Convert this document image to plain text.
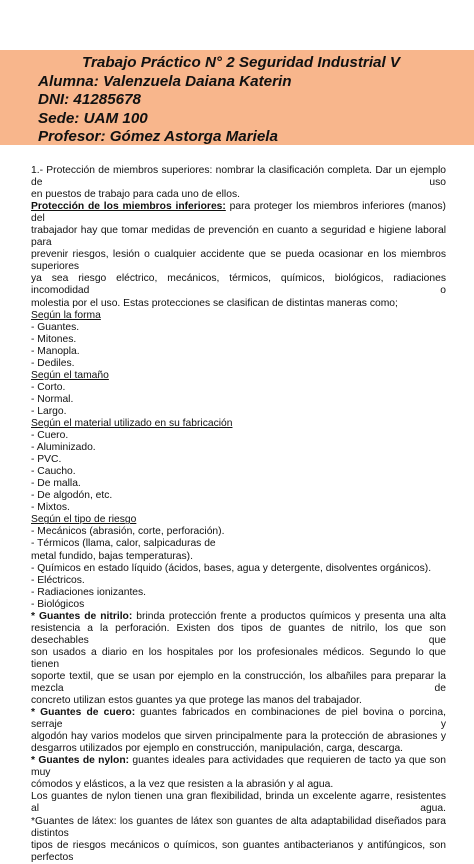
Trabajo Práctico N° 2 Seguridad Industrial V
Alumna: Valenzuela Daiana Katerin
DNI: 41285678
Sede: UAM 100
Profesor: Gómez Astorga Mariela
1.- Protección de miembros superiores: nombrar la clasificación completa. Dar un ejemplo de uso
en puestos de trabajo para cada uno de ellos.
Protección de los miembros inferiores: para proteger los miembros inferiores (manos) del
trabajador hay que tomar medidas de prevención en cuanto a seguridad e higiene laboral para
prevenir riesgos, lesión o cualquier accidente que se pueda ocasionar en los miembros superiores
ya sea riesgo eléctrico, mecánicos, térmicos, químicos, biológicos, radiaciones incomodidad o
molestia por el uso. Estas protecciones se clasifican de distintas maneras como;
Según la forma
- Guantes.
- Mitones.
- Manopla.
- Dediles.
Según el tamaño
- Corto.
- Normal.
- Largo.
Según el material utilizado en su fabricación
- Cuero.
- Aluminizado.
- PVC.
- Caucho.
- De malla.
- De algodón, etc.
- Mixtos.
Según el tipo de riesgo
- Mecánicos (abrasión, corte, perforación).
- Térmicos (llama, calor, salpicaduras de
metal fundido, bajas temperaturas).
- Químicos en estado líquido (ácidos, bases, agua y detergente, disolventes orgánicos).
- Eléctricos.
- Radiaciones ionizantes.
- Biológicos
* Guantes de nitrilo: brinda protección frente a productos químicos y presenta una alta
resistencia a la perforación. Existen dos tipos de guantes de nitrilo, los que son desechables que
son usados a diario en los hospitales por los profesionales médicos. Segundo lo que tienen
soporte textil, que se usan por ejemplo en la construcción, los albañiles para preparar la mezcla de
concreto utilizan estos guantes ya que protege las manos del trabajador.
* Guantes de cuero: guantes fabricados en combinaciones de piel bovina o porcina, serraje y
algodón hay varios modelos que sirven principalmente para la protección de abrasiones y
desgarros utilizados por ejemplo en construcción, manipulación, carga, descarga.
* Guantes de nylon: guantes ideales para actividades que requieren de tacto ya que son muy
cómodos y elásticos, a la vez que resisten a la abrasión y al agua.
Los guantes de nylon tienen una gran flexibilidad, brinda un excelente agarre, resistentes al agua.
*Guantes de látex: los guantes de látex son guantes de alta adaptabilidad diseñados para distintos
tipos de riesgos mecánicos o químicos, son guantes antibacterianos y antifúngicos, son perfectos
